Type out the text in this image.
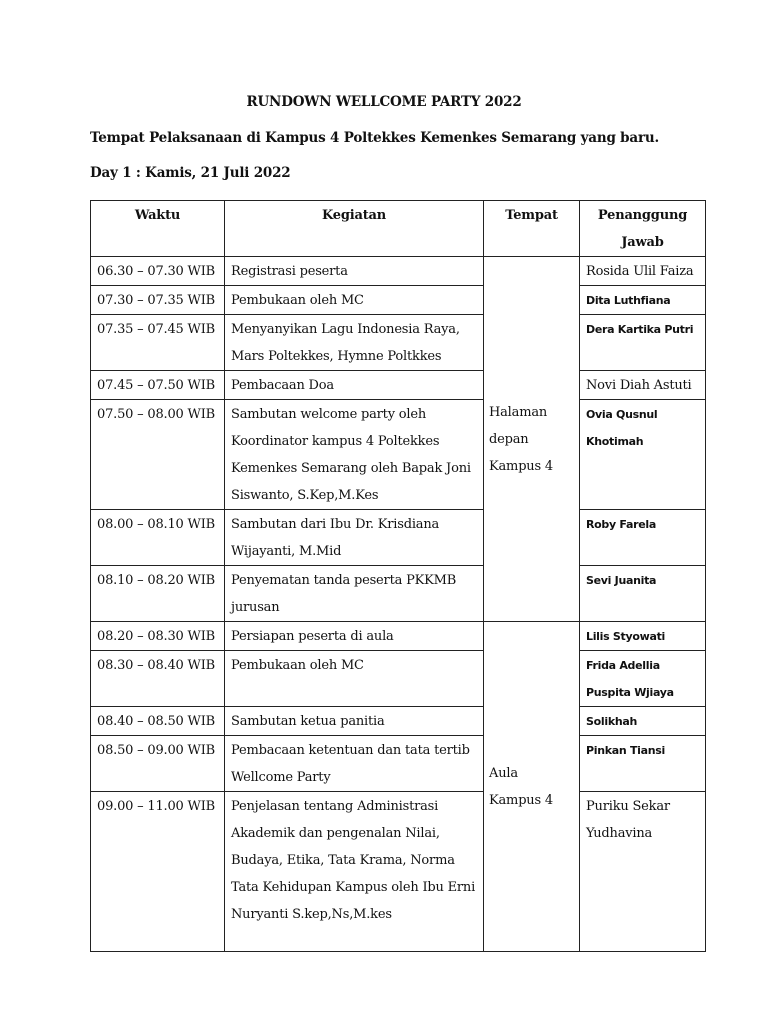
RUNDOWN WELLCOME PARTY 2022
Tempat Pelaksanaan di Kampus 4 Poltekkes Kemenkes Semarang yang baru.
Day 1 : Kamis, 21 Juli 2022
Waktu	Kegiatan	Tempat	Penanggung Jawab
06.30 – 07.30 WIB	Registrasi peserta	Halaman depan Kampus 4	Rosida Ulil Faiza
07.30 – 07.35 WIB	Pembukaan oleh MC		Dita Luthfiana
07.35 – 07.45 WIB	Menyanyikan Lagu Indonesia Raya, Mars Poltekkes, Hymne Poltkkes		Dera Kartika Putri
07.45 – 07.50 WIB	Pembacaan Doa		Novi Diah Astuti
07.50 – 08.00 WIB	Sambutan welcome party oleh Koordinator kampus 4 Poltekkes Kemenkes Semarang oleh Bapak Joni Siswanto, S.Kep,M.Kes		Ovia Qusnul Khotimah
08.00 – 08.10 WIB	Sambutan dari Ibu Dr. Krisdiana Wijayanti, M.Mid		Roby Farela
08.10 – 08.20 WIB	Penyematan tanda peserta PKKMB jurusan		Sevi Juanita
08.20 – 08.30 WIB	Persiapan peserta di aula	Aula Kampus 4	Lilis Styowati
08.30 – 08.40 WIB	Pembukaan oleh MC		Frida Adellia Puspita Wjiaya
08.40 – 08.50 WIB	Sambutan ketua panitia		Solikhah
08.50 – 09.00 WIB	Pembacaan ketentuan dan tata tertib Wellcome Party		Pinkan Tiansi
09.00 – 11.00 WIB	Penjelasan tentang Administrasi Akademik dan pengenalan Nilai, Budaya, Etika, Tata Krama, Norma Tata Kehidupan Kampus oleh Ibu Erni Nuryanti S.kep,Ns,M.kes		Puriku Sekar Yudhavina
